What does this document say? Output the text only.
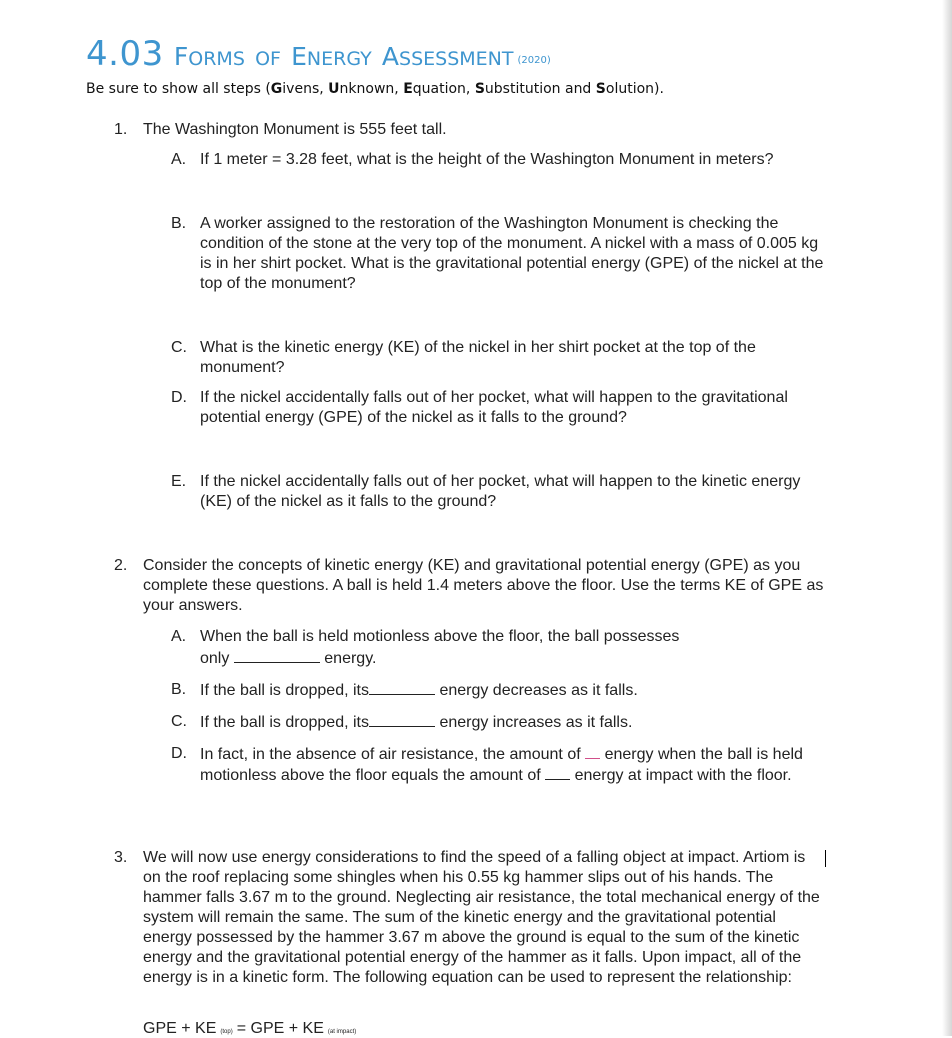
4.03 FORMS OF ENERGY ASSESSMENT (2020)
Be sure to show all steps (Givens, Unknown, Equation, Substitution and Solution).
1. The Washington Monument is 555 feet tall.
A. If 1 meter = 3.28 feet, what is the height of the Washington Monument in meters?
B. A worker assigned to the restoration of the Washington Monument is checking the condition of the stone at the very top of the monument. A nickel with a mass of 0.005 kg is in her shirt pocket. What is the gravitational potential energy (GPE) of the nickel at the top of the monument?
C. What is the kinetic energy (KE) of the nickel in her shirt pocket at the top of the monument?
D. If the nickel accidentally falls out of her pocket, what will happen to the gravitational potential energy (GPE) of the nickel as it falls to the ground?
E. If the nickel accidentally falls out of her pocket, what will happen to the kinetic energy (KE) of the nickel as it falls to the ground?
2. Consider the concepts of kinetic energy (KE) and gravitational potential energy (GPE) as you complete these questions. A ball is held 1.4 meters above the floor. Use the terms KE of GPE as your answers.
A. When the ball is held motionless above the floor, the ball possesses
only	energy.
B. If the ball is dropped, its	energy decreases as it falls.
C. If the ball is dropped, its	energy increases as it falls.
D. In fact, in the absence of air resistance, the amount of energy when the ball is held motionless above the floor equals the amount of energy at impact with the floor.
3. We will now use energy considerations to find the speed of a falling object at impact. Artiom is on the roof replacing some shingles when his 0.55 kg hammer slips out of his hands. The hammer falls 3.67 m to the ground. Neglecting air resistance, the total mechanical energy of the system will remain the same. The sum of the kinetic energy and the gravitational potential energy possessed by the hammer 3.67 m above the ground is equal to the sum of the kinetic energy and the gravitational potential energy of the hammer as it falls. Upon impact, all of the energy is in a kinetic form. The following equation can be used to represent the relationship:
GPE + KE (top) = GPE + KE (at impact)
